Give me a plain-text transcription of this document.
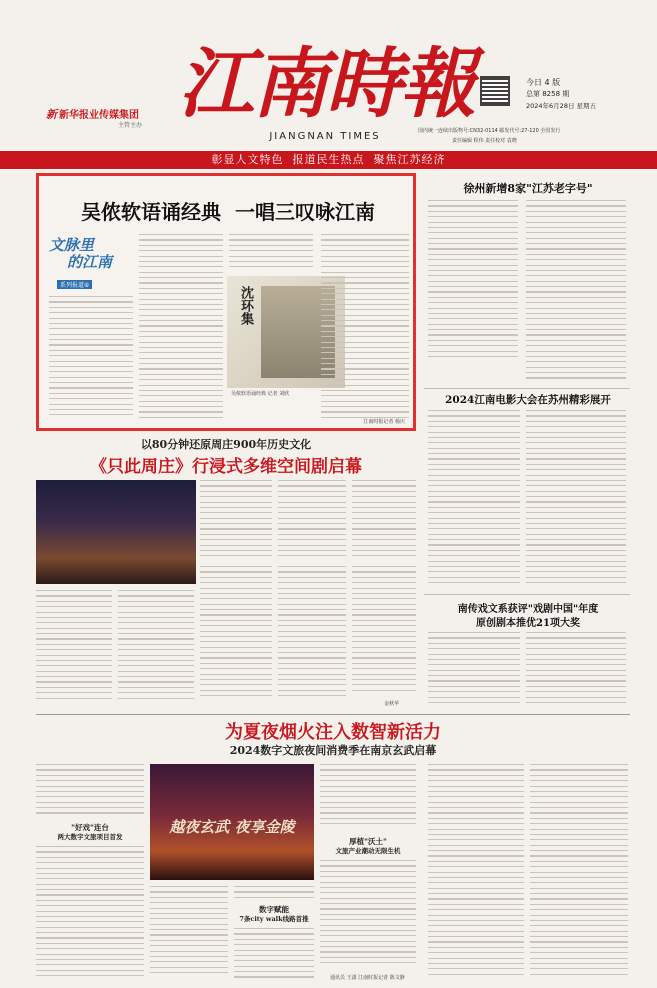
新 新华报业传媒集团
主管主办 江南時報
JIANGNAN TIMES
今日 4 版
总第 8258 期
2024年6月28日 星期五
国内统一连续出版物号:CN32-0114 邮发代号:27-120 全国发行
责任编辑 程伟 责任校对 袁晓
彰显人文特色  报道民生热点  聚焦江苏经济
吴侬软语诵经典  一唱三叹咏江南
文脉里
的江南
系列报道⑥
沈环集
吴侬软语诵经典 记者 刘欣
江南时报记者 杨庆
以80分钟还原周庄900年历史文化
《只此周庄》行浸式多维空间剧启幕
金秋苹
徐州新增8家"江苏老字号"
2024江南电影大会在苏州精彩展开
南传戏文系获评"戏剧中国"年度
原创剧本推优21项大奖
为夏夜烟火注入数智新活力
2024数字文旅夜间消费季在南京玄武启幕
"好戏"连台
两大数字文旅项目首发
越夜玄武 夜享金陵
数字赋能
7条city walk线路首推
厚植"沃土"
文旅产业潮动无限生机
通讯员 王潇 江南时报记者 陈文静
